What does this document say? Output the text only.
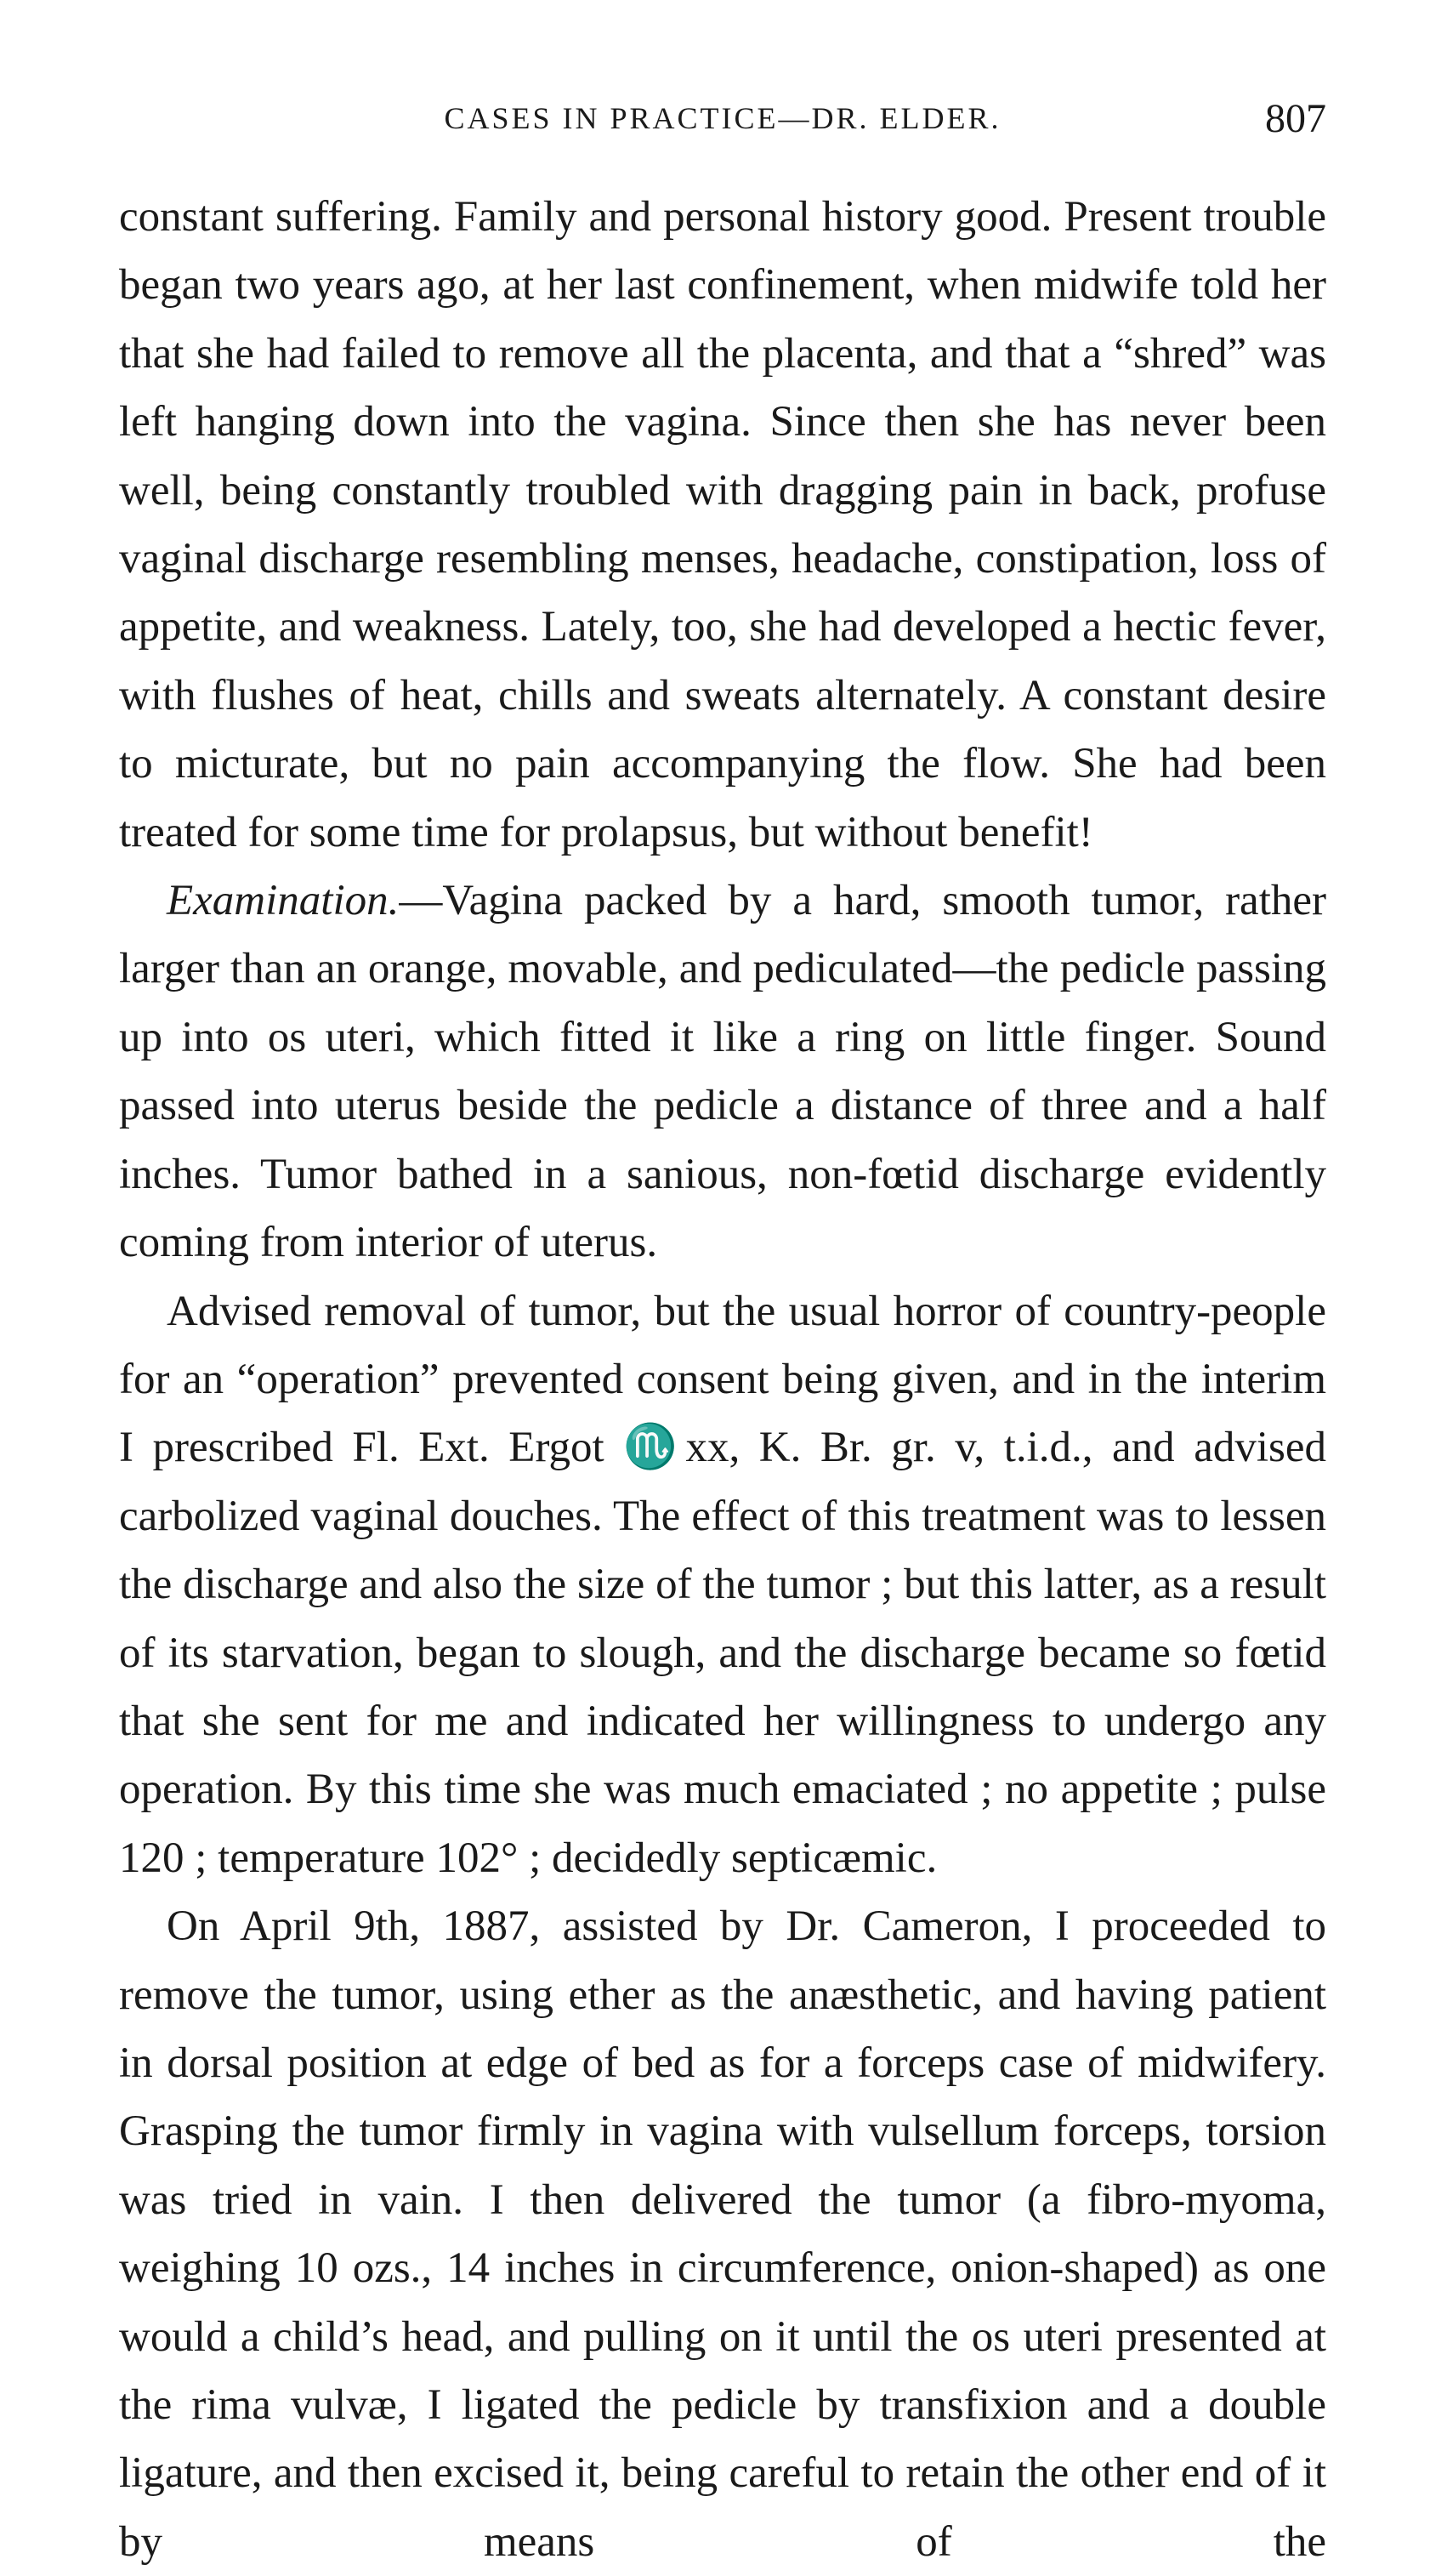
CASES IN PRACTICE—DR. ELDER.	807

constant suffering. Family and personal history good. Present trouble began two years ago, at her last confinement, when midwife told her that she had failed to remove all the placenta, and that a “shred” was left hanging down into the vagina. Since then she has never been well, being constantly troubled with dragging pain in back, profuse vaginal discharge resembling menses, headache, constipation, loss of appetite, and weakness. Lately, too, she had developed a hectic fever, with flushes of heat, chills and sweats alternately. A constant desire to micturate, but no pain accompanying the flow. She had been treated for some time for prolapsus, but without benefit!

Examination.—Vagina packed by a hard, smooth tumor, rather larger than an orange, movable, and pediculated—the pedicle passing up into os uteri, which fitted it like a ring on little finger. Sound passed into uterus beside the pedicle a distance of three and a half inches. Tumor bathed in a sanious, non-fœtid discharge evidently coming from interior of uterus.

Advised removal of tumor, but the usual horror of country-people for an “operation” prevented consent being given, and in the interim I prescribed Fl. Ext. Ergot ♏xx, K. Br. gr. v, t.i.d., and advised carbolized vaginal douches. The effect of this treatment was to lessen the discharge and also the size of the tumor ; but this latter, as a result of its starvation, began to slough, and the discharge became so fœtid that she sent for me and indicated her willingness to undergo any operation. By this time she was much emaciated ; no appetite ; pulse 120 ; temperature 102° ; decidedly septicæmic.

On April 9th, 1887, assisted by Dr. Cameron, I proceeded to remove the tumor, using ether as the anæsthetic, and having patient in dorsal position at edge of bed as for a forceps case of midwifery. Grasping the tumor firmly in vagina with vulsellum forceps, torsion was tried in vain. I then delivered the tumor (a fibro-myoma, weighing 10 ozs., 14 inches in circumference, onion-shaped) as one would a child’s head, and pulling on it until the os uteri presented at the rima vulvæ, I ligated the pedicle by transfixion and a double ligature, and then excised it, being careful to retain the other end of it by means of the
